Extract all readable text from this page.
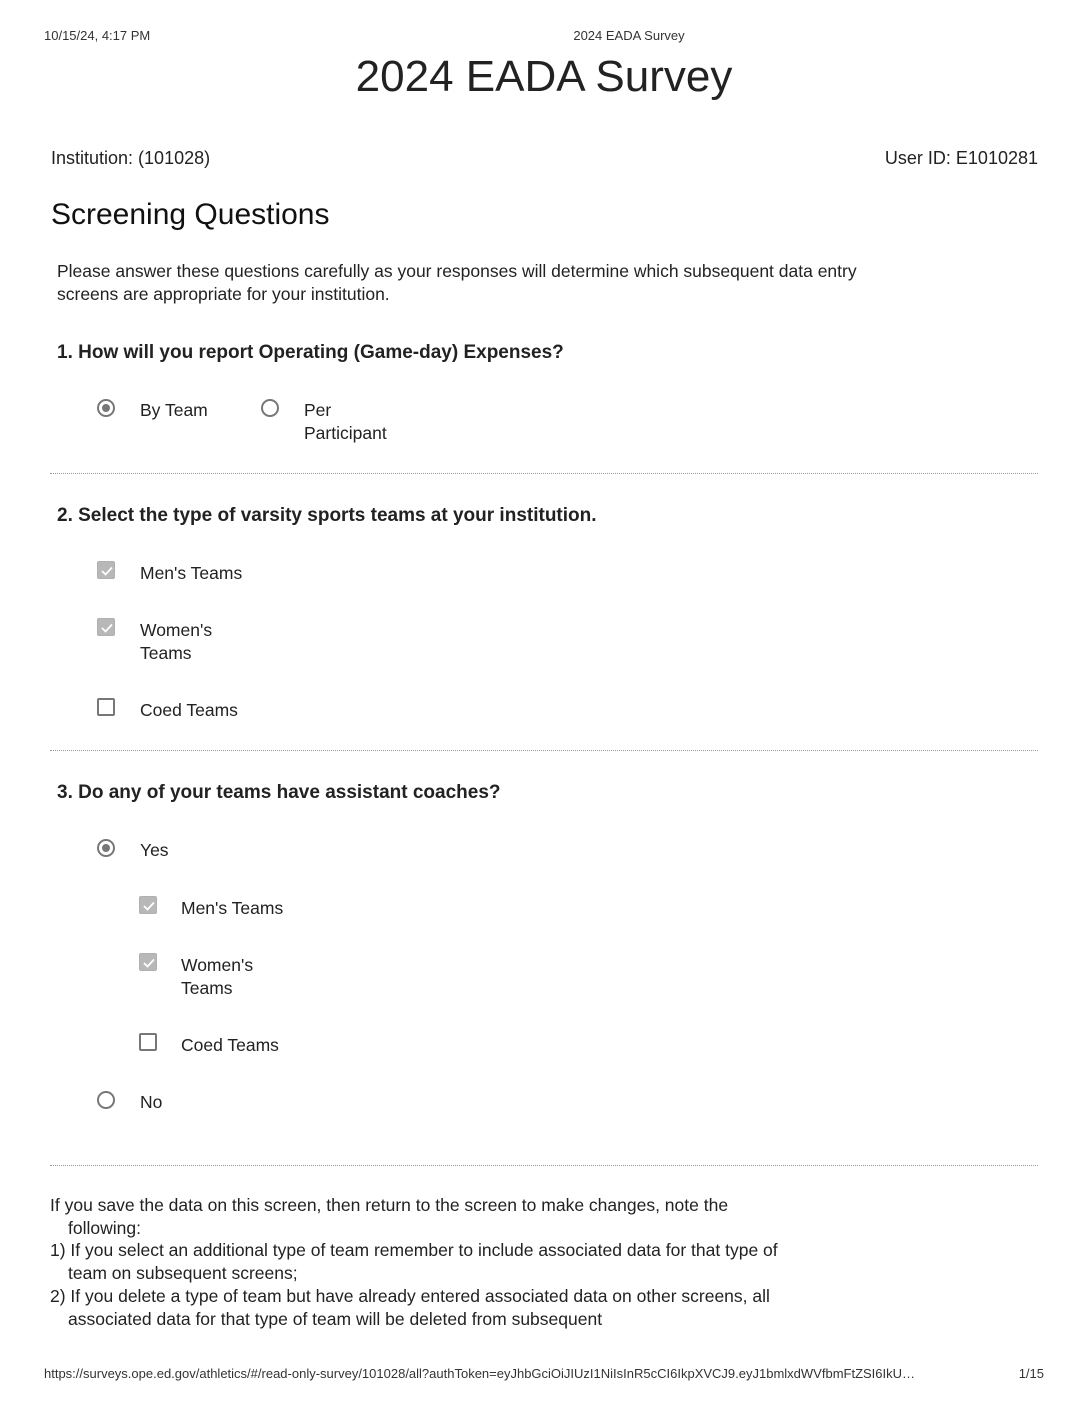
10/15/24, 4:17 PM	2024 EADA Survey
2024 EADA Survey
Institution: (101028)	User ID: E1010281
Screening Questions
Please answer these questions carefully as your responses will determine which subsequent data entry screens are appropriate for your institution.
1. How will you report Operating (Game-day) Expenses?
By Team	Per
Participant
2. Select the type of varsity sports teams at your institution.
Men's Teams
Women's
Teams
Coed Teams
3. Do any of your teams have assistant coaches?
Yes
Men's Teams
Women's
Teams
Coed Teams
No
If you save the data on this screen, then return to the screen to make changes, note the following:
1) If you select an additional type of team remember to include associated data for that type of team on subsequent screens;
2) If you delete a type of team but have already entered associated data on other screens, all associated data for that type of team will be deleted from subsequent
https://surveys.ope.ed.gov/athletics/#/read-only-survey/101028/all?authToken=eyJhbGciOiJIUzI1NiIsInR5cCI6IkpXVCJ9.eyJ1bmlxdWVfbmFtZSI6IkU…	1/15
